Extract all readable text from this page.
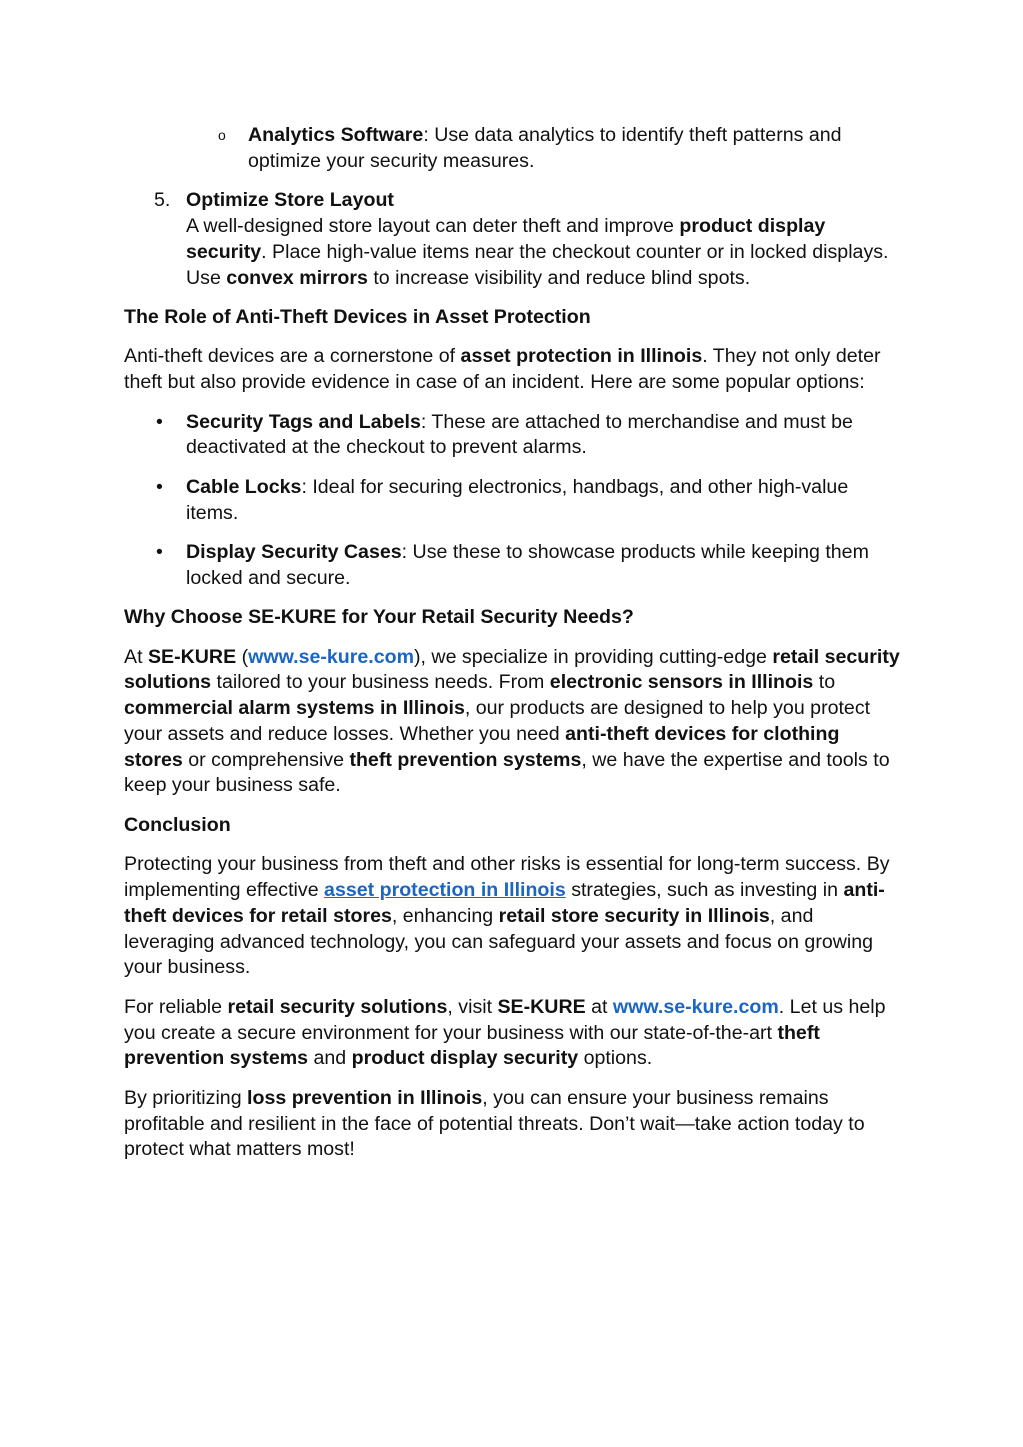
o Analytics Software: Use data analytics to identify theft patterns and optimize your security measures.
5. Optimize Store Layout
A well-designed store layout can deter theft and improve product display security. Place high-value items near the checkout counter or in locked displays. Use convex mirrors to increase visibility and reduce blind spots.
The Role of Anti-Theft Devices in Asset Protection

Anti-theft devices are a cornerstone of asset protection in Illinois. They not only deter theft but also provide evidence in case of an incident. Here are some popular options:

• Security Tags and Labels: These are attached to merchandise and must be deactivated at the checkout to prevent alarms.
• Cable Locks: Ideal for securing electronics, handbags, and other high-value items.
• Display Security Cases: Use these to showcase products while keeping them locked and secure.
Why Choose SE-KURE for Your Retail Security Needs?

At SE-KURE (www.se-kure.com), we specialize in providing cutting-edge retail security solutions tailored to your business needs. From electronic sensors in Illinois to commercial alarm systems in Illinois, our products are designed to help you protect your assets and reduce losses. Whether you need anti-theft devices for clothing stores or comprehensive theft prevention systems, we have the expertise and tools to keep your business safe.

Conclusion

Protecting your business from theft and other risks is essential for long-term success. By implementing effective asset protection in Illinois strategies, such as investing in anti-theft devices for retail stores, enhancing retail store security in Illinois, and leveraging advanced technology, you can safeguard your assets and focus on growing your business.

For reliable retail security solutions, visit SE-KURE at www.se-kure.com. Let us help you create a secure environment for your business with our state-of-the-art theft prevention systems and product display security options.

By prioritizing loss prevention in Illinois, you can ensure your business remains profitable and resilient in the face of potential threats. Don’t wait—take action today to protect what matters most!
